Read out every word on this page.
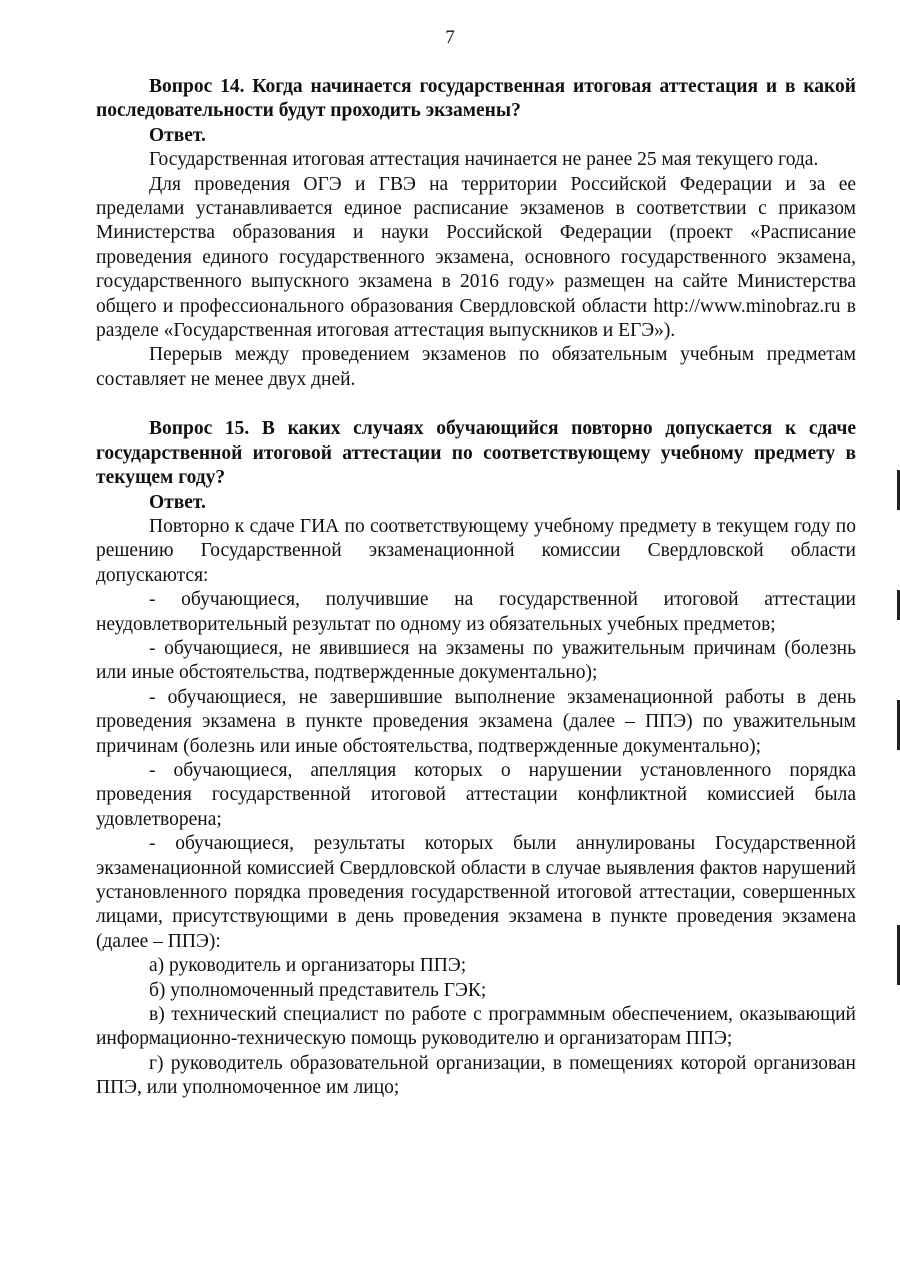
7

Вопрос 14. Когда начинается государственная итоговая аттестация и в какой последовательности будут проходить экзамены?

Ответ.

Государственная итоговая аттестация начинается не ранее 25 мая текущего года.

Для проведения ОГЭ и ГВЭ на территории Российской Федерации и за ее пределами устанавливается единое расписание экзаменов в соответствии с приказом Министерства образования и науки Российской Федерации (проект «Расписание проведения единого государственного экзамена, основного государственного экзамена, государственного выпускного экзамена в 2016 году» размещен на сайте Министерства общего и профессионального образования Свердловской области http://www.minobraz.ru в разделе «Государственная итоговая аттестация выпускников и ЕГЭ»).

Перерыв между проведением экзаменов по обязательным учебным предметам составляет не менее двух дней.

Вопрос 15. В каких случаях обучающийся повторно допускается к сдаче государственной итоговой аттестации по соответствующему учебному предмету в текущем году?

Ответ.

Повторно к сдаче ГИА по соответствующему учебному предмету в текущем году по решению Государственной экзаменационной комиссии Свердловской области допускаются:

- обучающиеся, получившие на государственной итоговой аттестации неудовлетворительный результат по одному из обязательных учебных предметов;

- обучающиеся, не явившиеся на экзамены по уважительным причинам (болезнь или иные обстоятельства, подтвержденные документально);

- обучающиеся, не завершившие выполнение экзаменационной работы в день проведения экзамена в пункте проведения экзамена (далее – ППЭ) по уважительным причинам (болезнь или иные обстоятельства, подтвержденные документально);

- обучающиеся, апелляция которых о нарушении установленного порядка проведения государственной итоговой аттестации конфликтной комиссией была удовлетворена;

- обучающиеся, результаты которых были аннулированы Государственной экзаменационной комиссией Свердловской области в случае выявления фактов нарушений установленного порядка проведения государственной итоговой аттестации, совершенных лицами, присутствующими в день проведения экзамена в пункте проведения экзамена (далее – ППЭ):

а) руководитель и организаторы ППЭ;

б) уполномоченный представитель ГЭК;

в) технический специалист по работе с программным обеспечением, оказывающий информационно-техническую помощь руководителю и организаторам ППЭ;

г) руководитель образовательной организации, в помещениях которой организован ППЭ, или уполномоченное им лицо;
